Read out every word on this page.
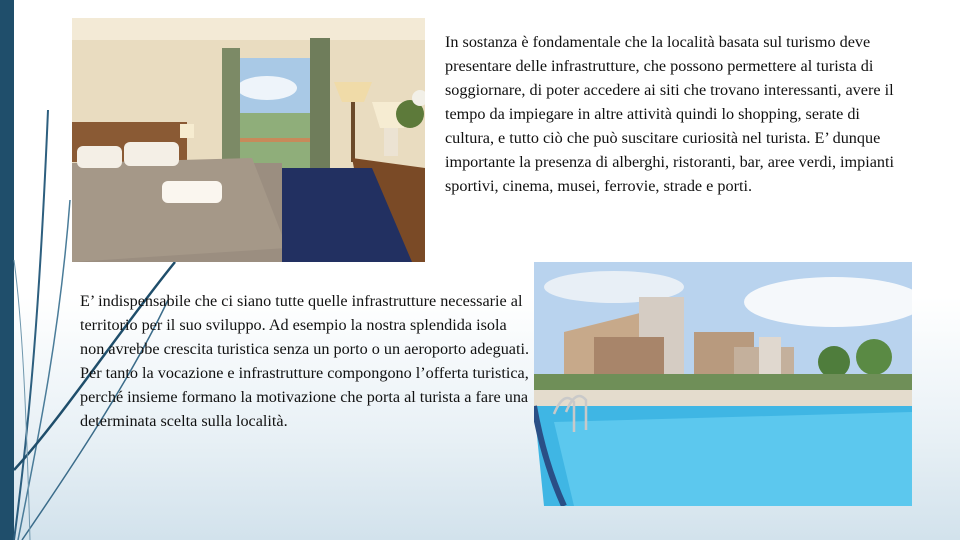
In sostanza è fondamentale che la località basata sul turismo deve presentare delle infrastrutture, che possono permettere al turista di soggiornare, di poter accedere ai siti che trovano interessanti, avere il tempo da impiegare in altre attività quindi lo shopping, serate di cultura, e tutto ciò che può suscitare curiosità nel turista. E’ dunque importante la presenza di alberghi, ristoranti, bar, aree verdi, impianti sportivi, cinema, musei, ferrovie, strade e porti.

E’ indispensabile che ci siano tutte quelle infrastrutture necessarie al territorio per il suo sviluppo. Ad esempio la nostra splendida isola non avrebbe crescita turistica senza un porto o un aeroporto adeguati. Per tanto la vocazione e infrastrutture compongono l’offerta turistica, perché insieme formano la motivazione che porta al turista a fare una determinata scelta sulla località.
